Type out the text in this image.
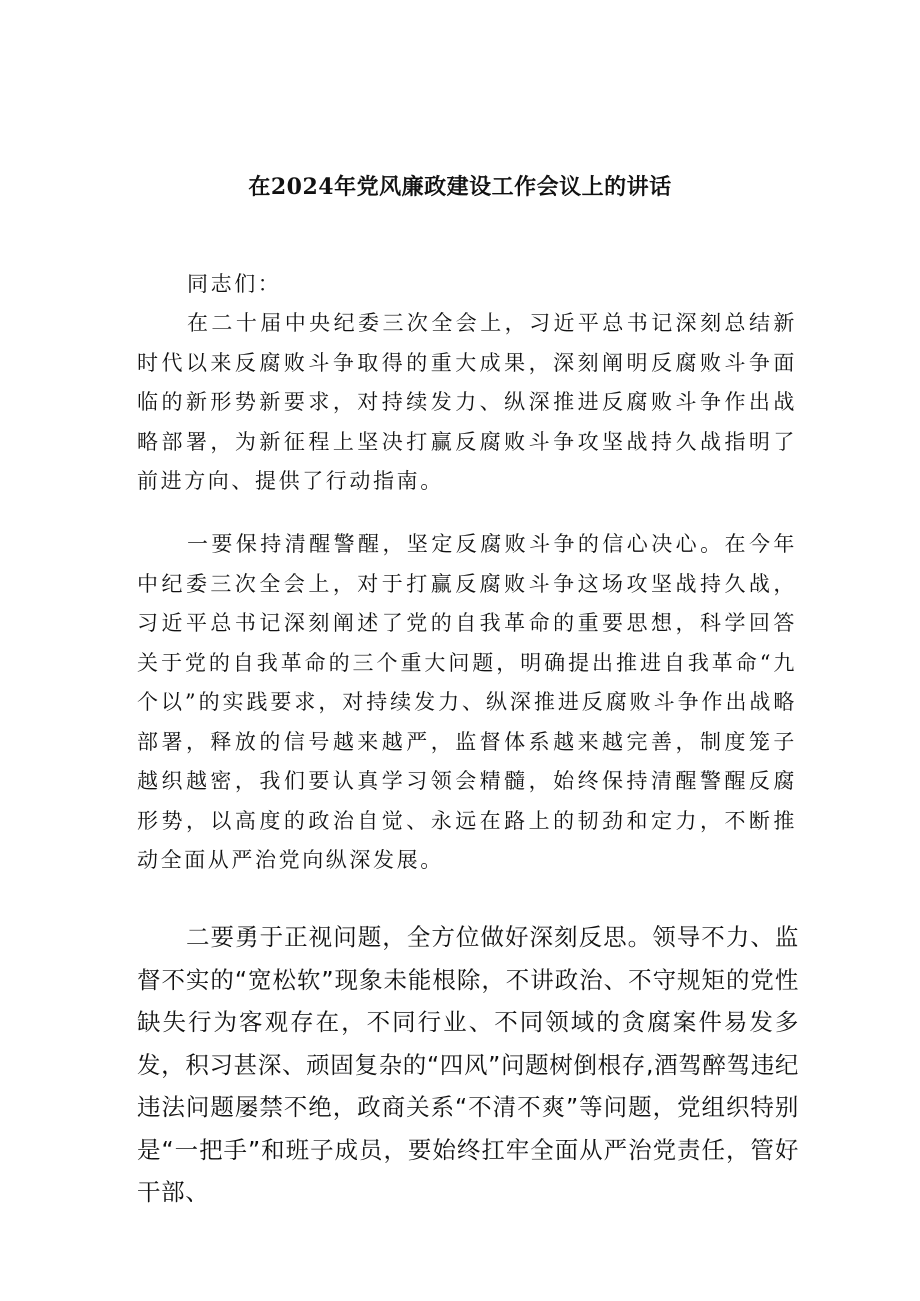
在2024年党风廉政建设工作会议上的讲话

同志们：

在二十届中央纪委三次全会上，习近平总书记深刻总结新时代以来反腐败斗争取得的重大成果，深刻阐明反腐败斗争面临的新形势新要求，对持续发力、纵深推进反腐败斗争作出战略部署，为新征程上坚决打赢反腐败斗争攻坚战持久战指明了前进方向、提供了行动指南。

一要保持清醒警醒，坚定反腐败斗争的信心决心。在今年中纪委三次全会上，对于打赢反腐败斗争这场攻坚战持久战，习近平总书记深刻阐述了党的自我革命的重要思想，科学回答关于党的自我革命的三个重大问题，明确提出推进自我革命“九个以”的实践要求，对持续发力、纵深推进反腐败斗争作出战略部署，释放的信号越来越严，监督体系越来越完善，制度笼子越织越密，我们要认真学习领会精髓，始终保持清醒警醒反腐形势，以高度的政治自觉、永远在路上的韧劲和定力，不断推动全面从严治党向纵深发展。

二要勇于正视问题，全方位做好深刻反思。领导不力、监督不实的“宽松软”现象未能根除，不讲政治、不守规矩的党性缺失行为客观存在，不同行业、不同领域的贪腐案件易发多发，积习甚深、顽固复杂的“四风”问题树倒根存,酒驾醉驾违纪违法问题屡禁不绝，政商关系“不清不爽”等问题，党组织特别是“一把手”和班子成员，要始终扛牢全面从严治党责任，管好干部、
